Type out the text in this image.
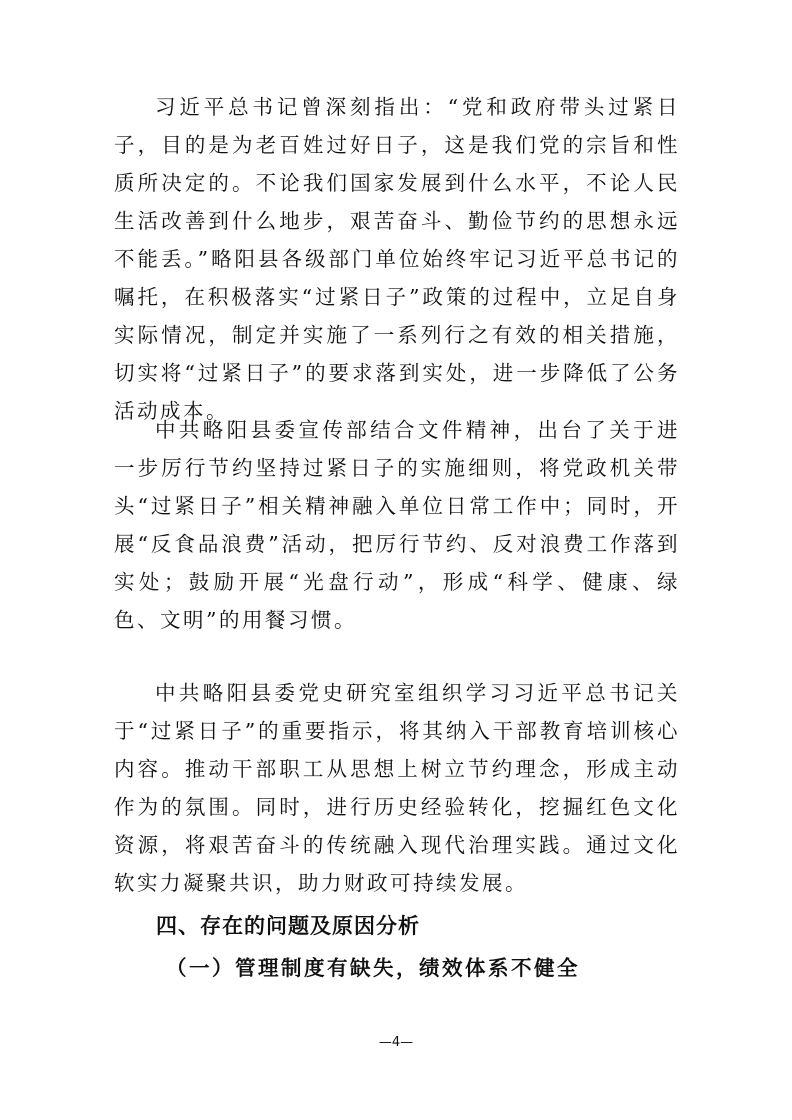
习近平总书记曾深刻指出：“党和政府带头过紧日子，目的是为老百姓过好日子，这是我们党的宗旨和性质所决定的。不论我们国家发展到什么水平，不论人民生活改善到什么地步，艰苦奋斗、勤俭节约的思想永远不能丢。”略阳县各级部门单位始终牢记习近平总书记的嘱托，在积极落实“过紧日子”政策的过程中，立足自身实际情况，制定并实施了一系列行之有效的相关措施，切实将“过紧日子”的要求落到实处，进一步降低了公务活动成本。

中共略阳县委宣传部结合文件精神，出台了关于进一步厉行节约坚持过紧日子的实施细则，将党政机关带头“过紧日子”相关精神融入单位日常工作中；同时，开展“反食品浪费”活动，把厉行节约、反对浪费工作落到实处；鼓励开展“光盘行动”，形成“科学、健康、绿色、文明”的用餐习惯。

中共略阳县委党史研究室组织学习习近平总书记关于“过紧日子”的重要指示，将其纳入干部教育培训核心内容。推动干部职工从思想上树立节约理念，形成主动作为的氛围。同时，进行历史经验转化，挖掘红色文化资源，将艰苦奋斗的传统融入现代治理实践。通过文化软实力凝聚共识，助力财政可持续发展。

四、存在的问题及原因分析
（一）管理制度有缺失，绩效体系不健全
—4—
